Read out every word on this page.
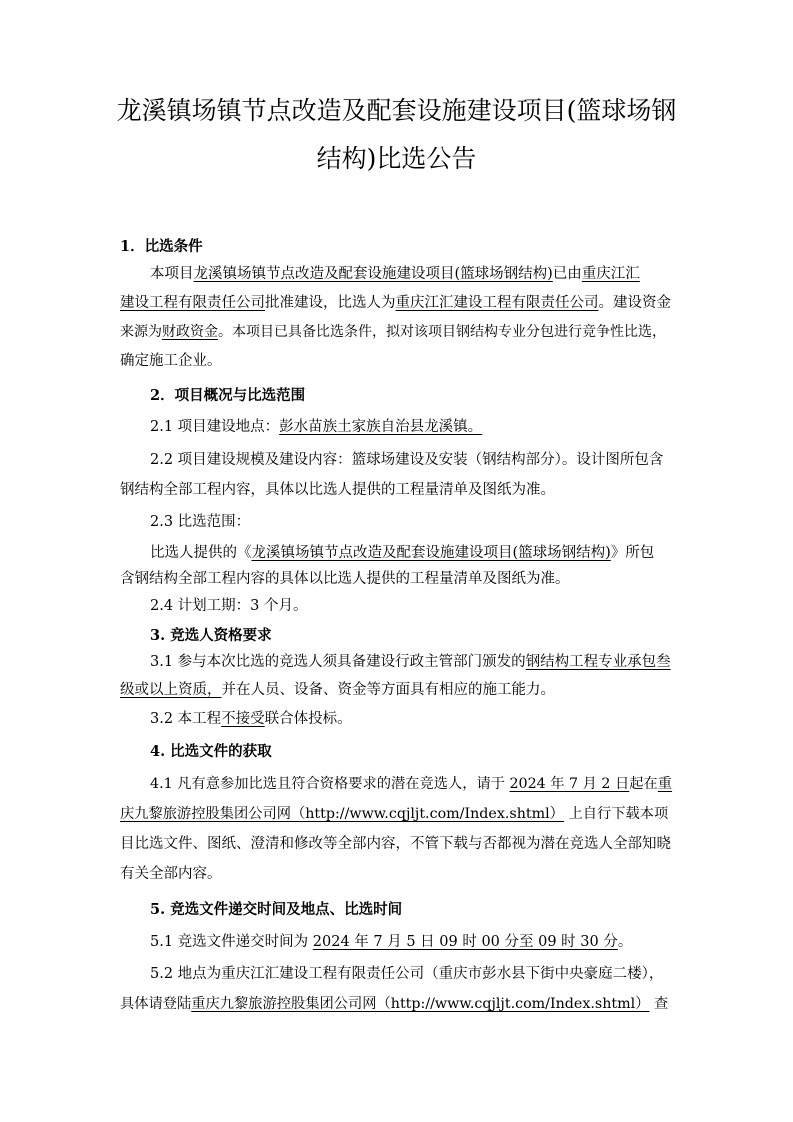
龙溪镇场镇节点改造及配套设施建设项目(篮球场钢
结构)比选公告
1．比选条件
本项目龙溪镇场镇节点改造及配套设施建设项目(篮球场钢结构)已由重庆江汇
建设工程有限责任公司批准建设，比选人为重庆江汇建设工程有限责任公司。建设资金
来源为财政资金。本项目已具备比选条件，拟对该项目钢结构专业分包进行竞争性比选，
确定施工企业。
2．项目概况与比选范围
2.1 项目建设地点：彭水苗族土家族自治县龙溪镇。
2.2 项目建设规模及建设内容：篮球场建设及安装（钢结构部分）。设计图所包含
钢结构全部工程内容，具体以比选人提供的工程量清单及图纸为准。
2.3 比选范围：
比选人提供的《龙溪镇场镇节点改造及配套设施建设项目(篮球场钢结构)》所包
含钢结构全部工程内容的具体以比选人提供的工程量清单及图纸为准。
2.4 计划工期：3 个月。
3. 竞选人资格要求
3.1 参与本次比选的竞选人须具备建设行政主管部门颁发的钢结构工程专业承包叁
级或以上资质，并在人员、设备、资金等方面具有相应的施工能力。
3.2 本工程不接受联合体投标。
4. 比选文件的获取
4.1 凡有意参加比选且符合资格要求的潜在竞选人，请于 2024 年 7 月 2 日起在重
庆九黎旅游控股集团公司网（http://www.cqjljt.com/Index.shtml） 上自行下载本项
目比选文件、图纸、澄清和修改等全部内容，不管下载与否都视为潜在竞选人全部知晓
有关全部内容。
5. 竞选文件递交时间及地点、比选时间
5.1 竞选文件递交时间为 2024 年 7 月 5 日 09 时 00 分至 09 时 30 分。
5.2 地点为重庆江汇建设工程有限责任公司（重庆市彭水县下街中央豪庭二楼），
具体请登陆重庆九黎旅游控股集团公司网（http://www.cqjljt.com/Index.shtml） 查
